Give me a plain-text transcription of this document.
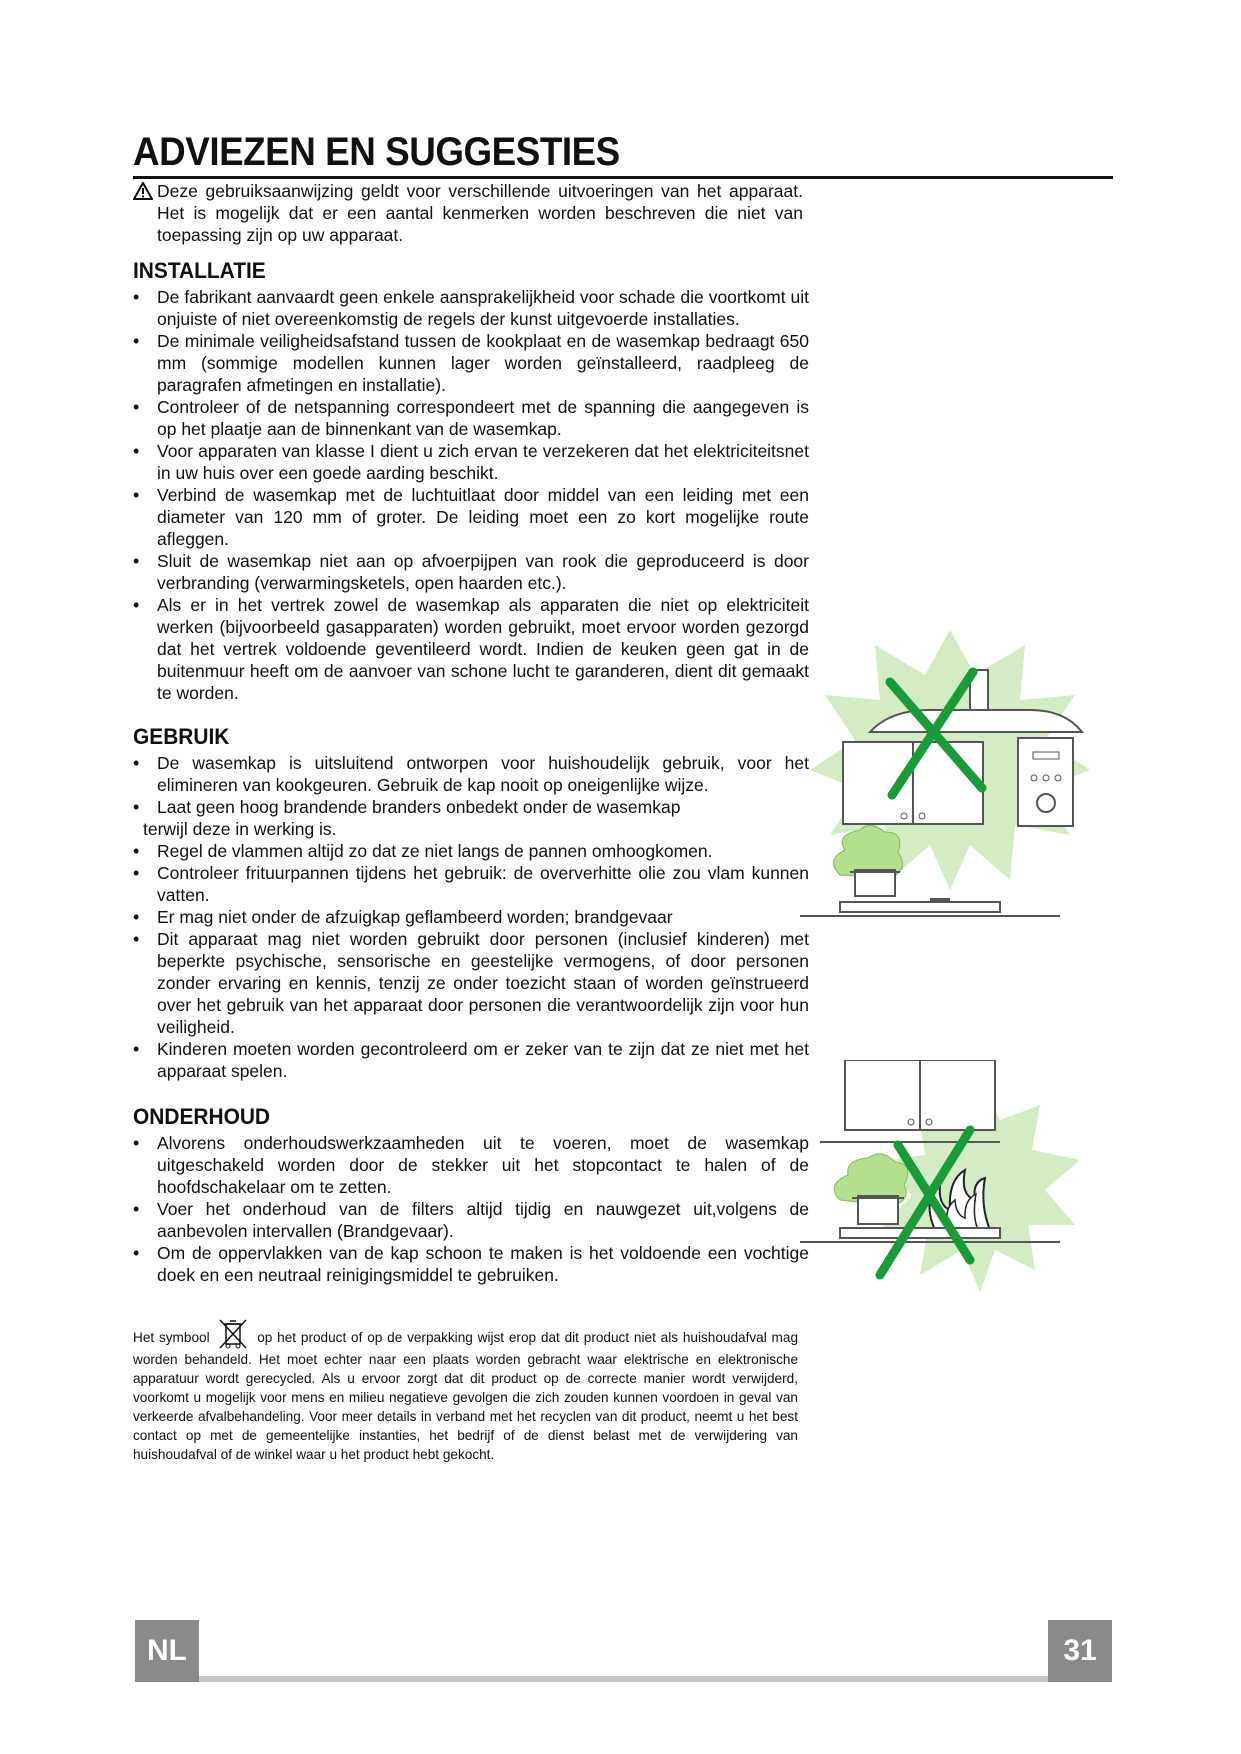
ADVIEZEN EN SUGGESTIES

Deze gebruiksaanwijzing geldt voor verschillende uitvoeringen van het apparaat. Het is mogelijk dat er een aantal kenmerken worden beschreven die niet van toepassing zijn op uw apparaat.

INSTALLATIE
• De fabrikant aanvaardt geen enkele aansprakelijkheid voor schade die voortkomt uit onjuiste of niet overeenkomstig de regels der kunst uitgevoerde installaties.
• De minimale veiligheidsafstand tussen de kookplaat en de wasemkap bedraagt 650 mm (sommige modellen kunnen lager worden geïnstalleerd, raadpleeg de paragrafen afmetingen en installatie).
• Controleer of de netspanning correspondeert met de spanning die aangegeven is op het plaatje aan de binnenkant van de wasemkap.
• Voor apparaten van klasse I dient u zich ervan te verzekeren dat het elektriciteitsnet in uw huis over een goede aarding beschikt.
• Verbind de wasemkap met de luchtuitlaat door middel van een leiding met een diameter van 120 mm of groter. De leiding moet een zo kort mogelijke route afleggen.
• Sluit de wasemkap niet aan op afvoerpijpen van rook die geproduceerd is door verbranding (verwarmingsketels, open haarden etc.).
• Als er in het vertrek zowel de wasemkap als apparaten die niet op elektriciteit werken (bijvoorbeeld gasapparaten) worden gebruikt, moet ervoor worden gezorgd dat het vertrek voldoende geventileerd wordt. Indien de keuken geen gat in de buitenmuur heeft om de aanvoer van schone lucht te garanderen, dient dit gemaakt te worden.
GEBRUIK
• De wasemkap is uitsluitend ontworpen voor huishoudelijk gebruik, voor het elimineren van kookgeuren. Gebruik de kap nooit op oneigenlijke wijze.
• Laat geen hoog brandende branders onbedekt onder de wasemkap
terwijl deze in werking is.
• Regel de vlammen altijd zo dat ze niet langs de pannen omhoogkomen.
• Controleer frituurpannen tijdens het gebruik: de oververhitte olie zou vlam kunnen vatten.
• Er mag niet onder de afzuigkap geflambeerd worden; brandgevaar
• Dit apparaat mag niet worden gebruikt door personen (inclusief kinderen) met beperkte psychische, sensorische en geestelijke vermogens, of door personen zonder ervaring en kennis, tenzij ze onder toezicht staan of worden geïnstrueerd over het gebruik van het apparaat door personen die verantwoordelijk zijn voor hun veiligheid.
• Kinderen moeten worden gecontroleerd om er zeker van te zijn dat ze niet met het apparaat spelen.
ONDERHOUD
• Alvorens onderhoudswerkzaamheden uit te voeren, moet de wasemkap uitgeschakeld worden door de stekker uit het stopcontact te halen of de hoofdschakelaar om te zetten.
• Voer het onderhoud van de filters altijd tijdig en nauwgezet uit,volgens de aanbevolen intervallen (Brandgevaar).
• Om de oppervlakken van de kap schoon te maken is het voldoende een vochtige doek en een neutraal reinigingsmiddel te gebruiken.
Het symbool	op het product of op de verpakking wijst erop dat dit product niet als huishoudafval mag worden behandeld. Het moet echter naar een plaats worden gebracht waar elektrische en elektronische apparatuur wordt gerecycled. Als u ervoor zorgt dat dit product op de correcte manier wordt verwijderd, voorkomt u mogelijk voor mens en milieu negatieve gevolgen die zich zouden kunnen voordoen in geval van verkeerde afvalbehandeling. Voor meer details in verband met het recyclen van dit product, neemt u het best contact op met de gemeentelijke instanties, het bedrijf of de dienst belast met de verwijdering van huishoudafval of de winkel waar u het product hebt gekocht.
NL	31
